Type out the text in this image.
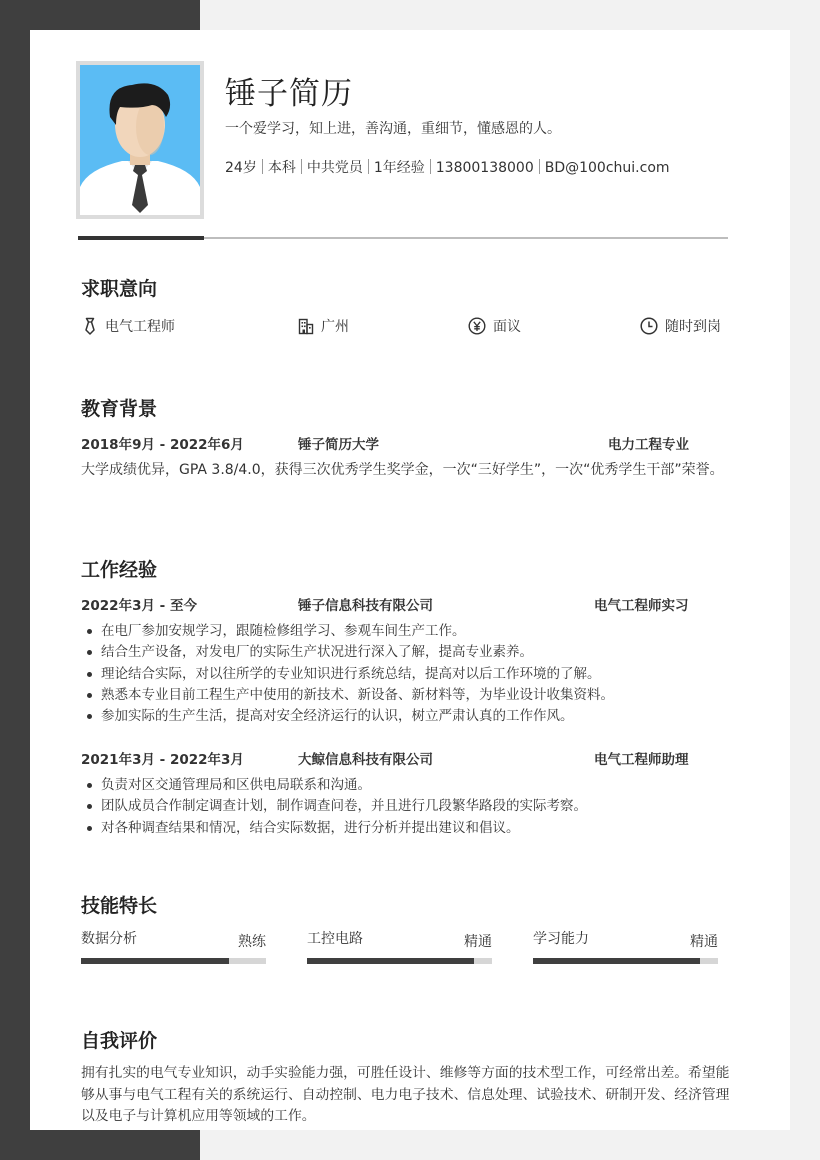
锤子简历
一个爱学习，知上进，善沟通，重细节，懂感恩的人。
24岁 本科 中共党员 1年经验 13800138000 BD@100chui.com
求职意向
电气工程师	广州	面议	随时到岗
教育背景
2018年9月 - 2022年6月	锤子简历大学	电力工程专业
大学成绩优异，GPA 3.8/4.0，获得三次优秀学生奖学金，一次“三好学生”，一次“优秀学生干部”荣誉。
工作经验
2022年3月 - 至今	锤子信息科技有限公司	电气工程师实习
在电厂参加安规学习，跟随检修组学习、参观车间生产工作。
结合生产设备，对发电厂的实际生产状况进行深入了解，提高专业素养。
理论结合实际，对以往所学的专业知识进行系统总结，提高对以后工作环境的了解。
熟悉本专业目前工程生产中使用的新技术、新设备、新材料等，为毕业设计收集资料。
参加实际的生产生活，提高对安全经济运行的认识，树立严肃认真的工作作风。
2021年3月 - 2022年3月	大鲸信息科技有限公司	电气工程师助理
负责对区交通管理局和区供电局联系和沟通。
团队成员合作制定调查计划，制作调查问卷，并且进行几段繁华路段的实际考察。
对各种调查结果和情况，结合实际数据，进行分析并提出建议和倡议。
技能特长
数据分析	熟练	工控电路	精通	学习能力	精通
自我评价
拥有扎实的电气专业知识，动手实验能力强，可胜任设计、维修等方面的技术型工作，可经常出差。希望能够从事与电气工程有关的系统运行、自动控制、电力电子技术、信息处理、试验技术、研制开发、经济管理以及电子与计算机应用等领域的工作。
